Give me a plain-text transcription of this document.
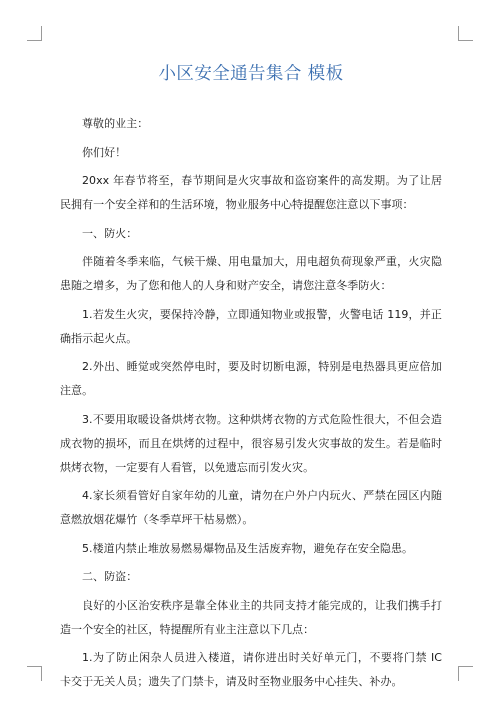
小区安全通告集合 模板

尊敬的业主：

你们好！

20xx 年春节将至，春节期间是火灾事故和盗窃案件的高发期。为了让居民拥有一个安全祥和的生活环境，物业服务中心特提醒您注意以下事项：

一、防火：

伴随着冬季来临，气候干燥、用电量加大，用电超负荷现象严重，火灾隐患随之增多，为了您和他人的人身和财产安全，请您注意冬季防火：

1.若发生火灾，要保持冷静，立即通知物业或报警，火警电话 119，并正确指示起火点。

2.外出、睡觉或突然停电时，要及时切断电源，特别是电热器具更应倍加注意。

3.不要用取暖设备烘烤衣物。这种烘烤衣物的方式危险性很大，不但会造成衣物的损坏，而且在烘烤的过程中，很容易引发火灾事故的发生。若是临时烘烤衣物，一定要有人看管，以免遗忘而引发火灾。

4.家长须看管好自家年幼的儿童，请勿在户外户内玩火、严禁在园区内随意燃放烟花爆竹（冬季草坪干枯易燃）。

5.楼道内禁止堆放易燃易爆物品及生活废弃物，避免存在安全隐患。

二、防盗：

良好的小区治安秩序是靠全体业主的共同支持才能完成的，让我们携手打造一个安全的社区，特提醒所有业主注意以下几点：

1.为了防止闲杂人员进入楼道，请你进出时关好单元门，不要将门禁 IC 卡交于无关人员；遗失了门禁卡，请及时至物业服务中心挂失、补办。
